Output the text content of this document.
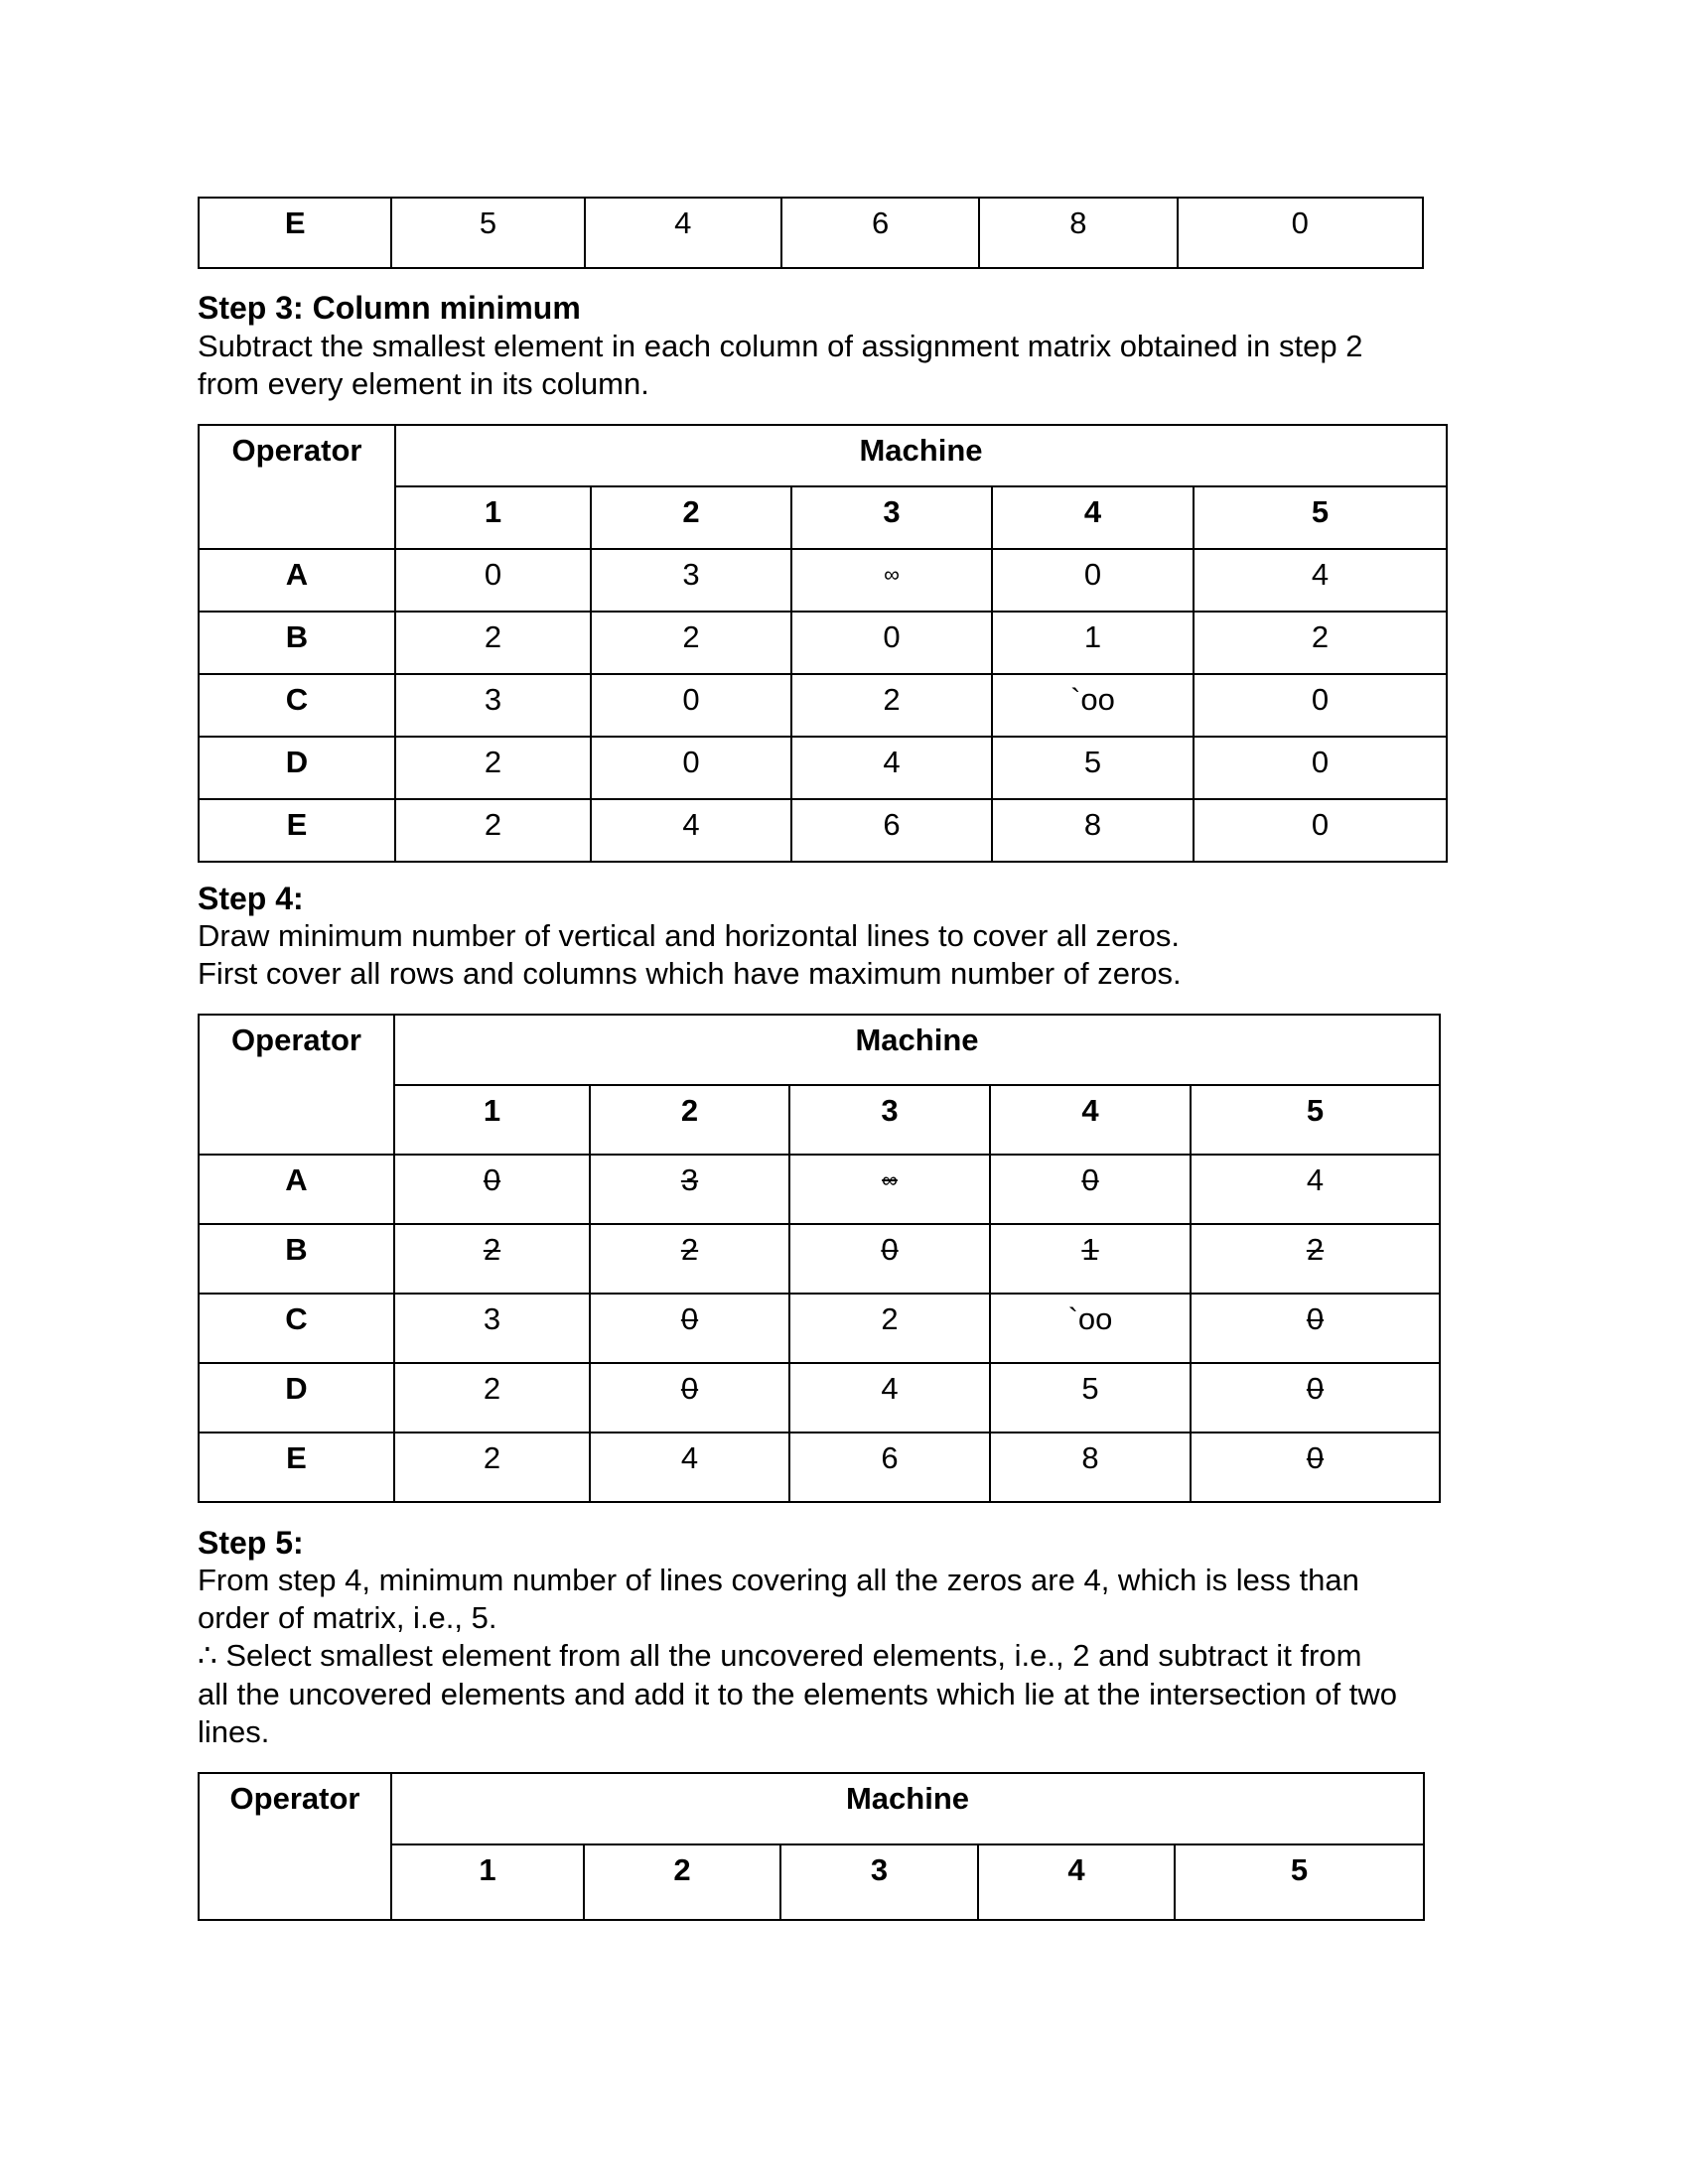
E	5	4	6	8	0
Step 3: Column minimum
Subtract the smallest element in each column of assignment matrix obtained in step 2
from every element in its column.
Operator	Machine				
	1	2	3	4	5
A	0	3	∞	0	4
B	2	2	0	1	2
C	3	0	2	`oo	0
D	2	0	4	5	0
E	2	4	6	8	0
Step 4:
Draw minimum number of vertical and horizontal lines to cover all zeros.
First cover all rows and columns which have maximum number of zeros.
Operator	Machine				
	1	2	3	4	5
A	0	3	∞	0	4
B	2	2	0	1	2
C	3	0	2	`oo	0
D	2	0	4	5	0
E	2	4	6	8	0
Step 5:
From step 4, minimum number of lines covering all the zeros are 4, which is less than
order of matrix, i.e., 5.
∴ Select smallest element from all the uncovered elements, i.e., 2 and subtract it from
all the uncovered elements and add it to the elements which lie at the intersection of two
lines.
Operator	Machine				
	1	2	3	4	5
